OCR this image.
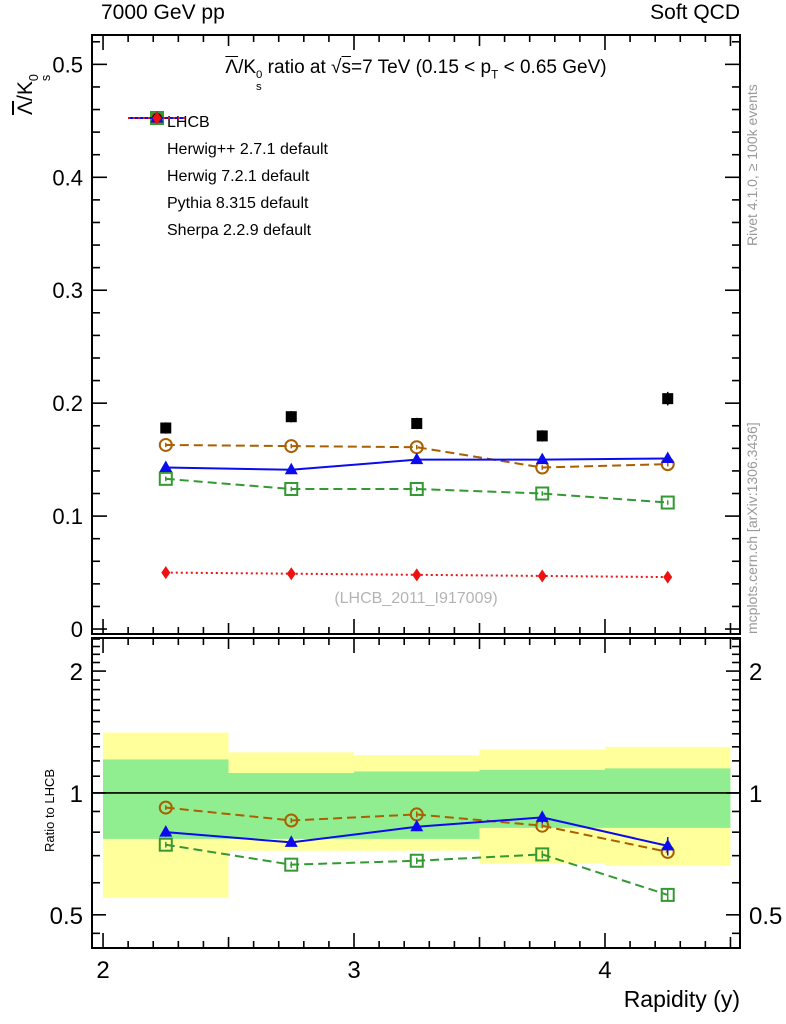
2	3	4
0
0.1
0.2
0.3
0.4
0.5
0.5	0.5
1	1
2	2
7000 GeV pp	Soft QCD
$\overline{\Lambda}/K$ 0
s
ratio at √s=7 TeV ($0.15 < p_T < 0.65$ GeV)
$\overline{\Lambda}/K$
0
s
Ratio to LHCB
Rapidity (y)
(LHCB_2011_I917009)
Rivet 4.1.0, ≥ 100k events
mcplots.cern.ch [arXiv:1306.3436]
LHCB
Herwig++ 2.7.1 default
Herwig 7.2.1 default
Pythia 8.315 default
Sherpa 2.2.9 default
